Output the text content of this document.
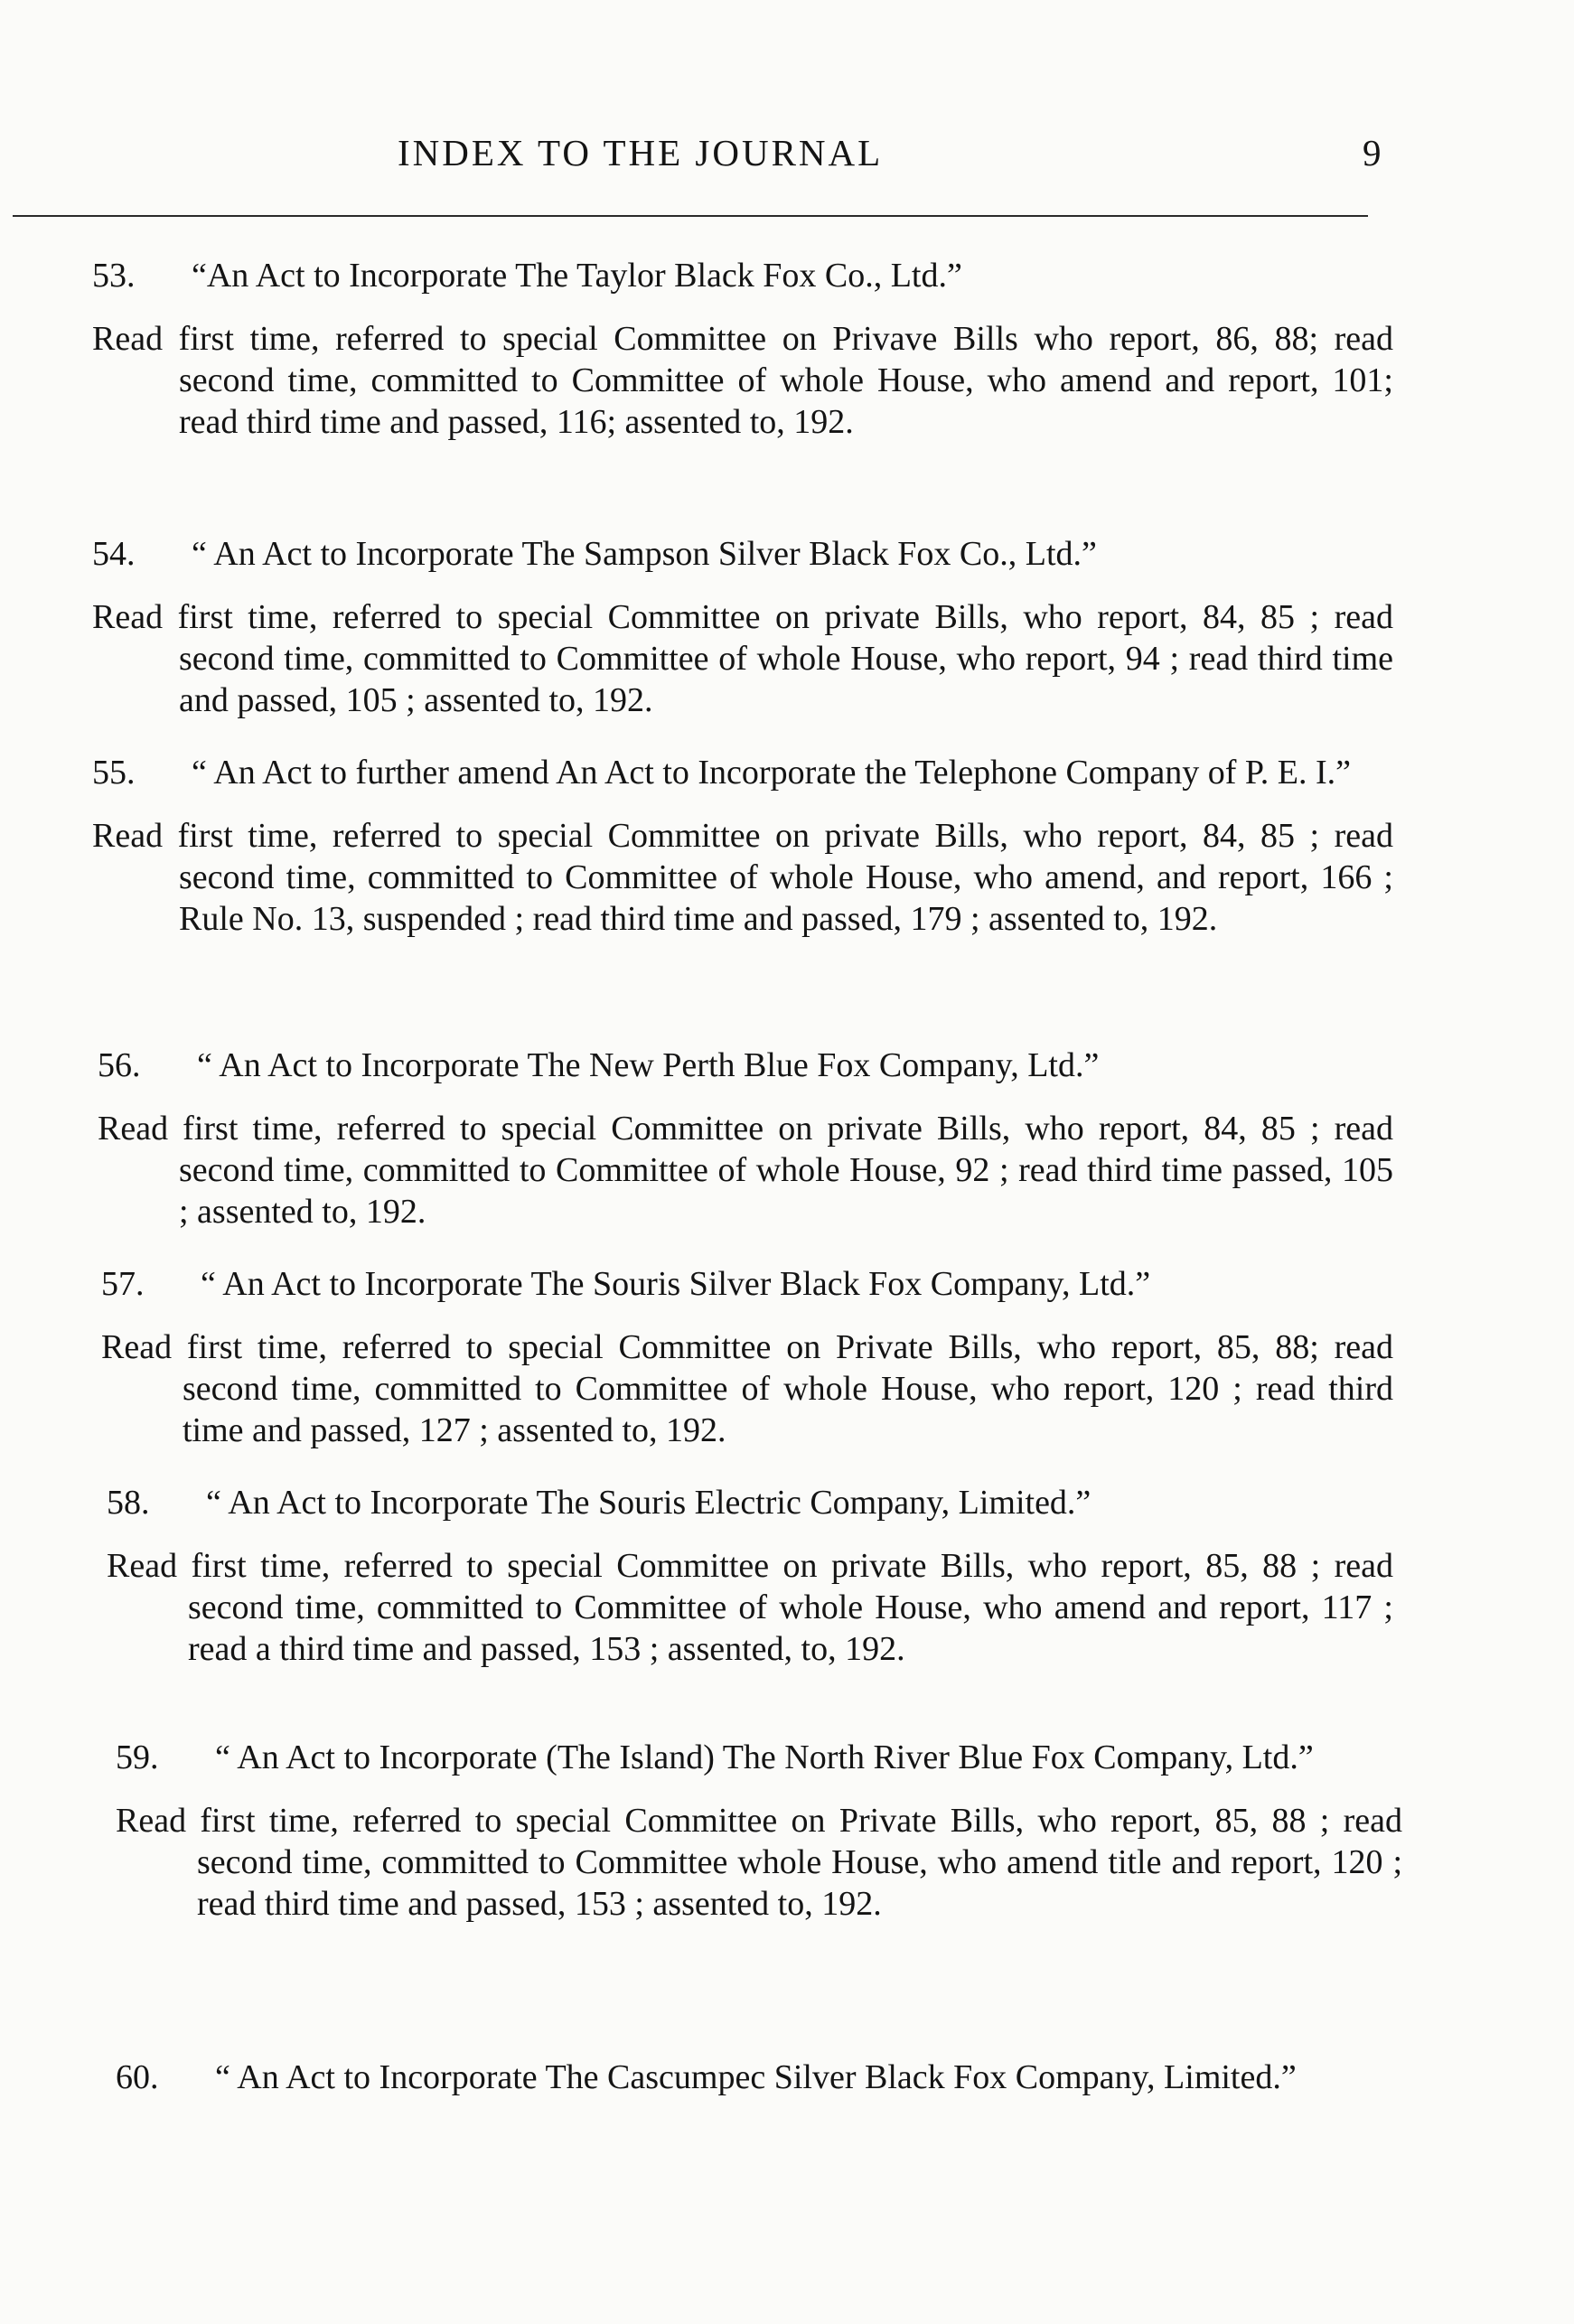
INDEX TO THE JOURNAL	9
53. “An Act to Incorporate The Taylor Black Fox Co., Ltd.”
Read first time, referred to special Committee on Privave Bills who report, 86, 88; read second time, committed to Committee of whole House, who amend and report, 101; read third time and passed, 116; assented to, 192.
54. “ An Act to Incorporate The Sampson Silver Black Fox Co., Ltd.”
Read first time, referred to special Committee on private Bills, who report, 84, 85 ; read second time, committed to Committee of whole House, who report, 94 ; read third time and passed, 105 ; assented to, 192.
55. “ An Act to further amend An Act to Incorporate the Telephone Company of P. E. I.”
Read first time, referred to special Committee on private Bills, who report, 84, 85 ; read second time, committed to Committee of whole House, who amend, and report, 166 ; Rule No. 13, suspended ; read third time and passed, 179 ; assented to, 192.
56. “ An Act to Incorporate The New Perth Blue Fox Company, Ltd.”
Read first time, referred to special Committee on private Bills, who report, 84, 85 ; read second time, committed to Committee of whole House, 92 ; read third time passed, 105 ; assented to, 192.
57. “ An Act to Incorporate The Souris Silver Black Fox Company, Ltd.”
Read first time, referred to special Committee on Private Bills, who report, 85, 88; read second time, committed to Committee of whole House, who report, 120 ; read third time and passed, 127 ; assented to, 192.
58. “ An Act to Incorporate The Souris Electric Company, Limited.”
Read first time, referred to special Committee on private Bills, who report, 85, 88 ; read second time, committed to Committee of whole House, who amend and report, 117 ; read a third time and passed, 153 ; assented, to, 192.
59. “ An Act to Incorporate (The Island) The North River Blue Fox Company, Ltd.”
Read first time, referred to special Committee on Private Bills, who report, 85, 88 ; read second time, committed to Committee whole House, who amend title and report, 120 ; read third time and passed, 153 ; assented to, 192.
60. “ An Act to Incorporate The Cascumpec Silver Black Fox Company, Limited.”
